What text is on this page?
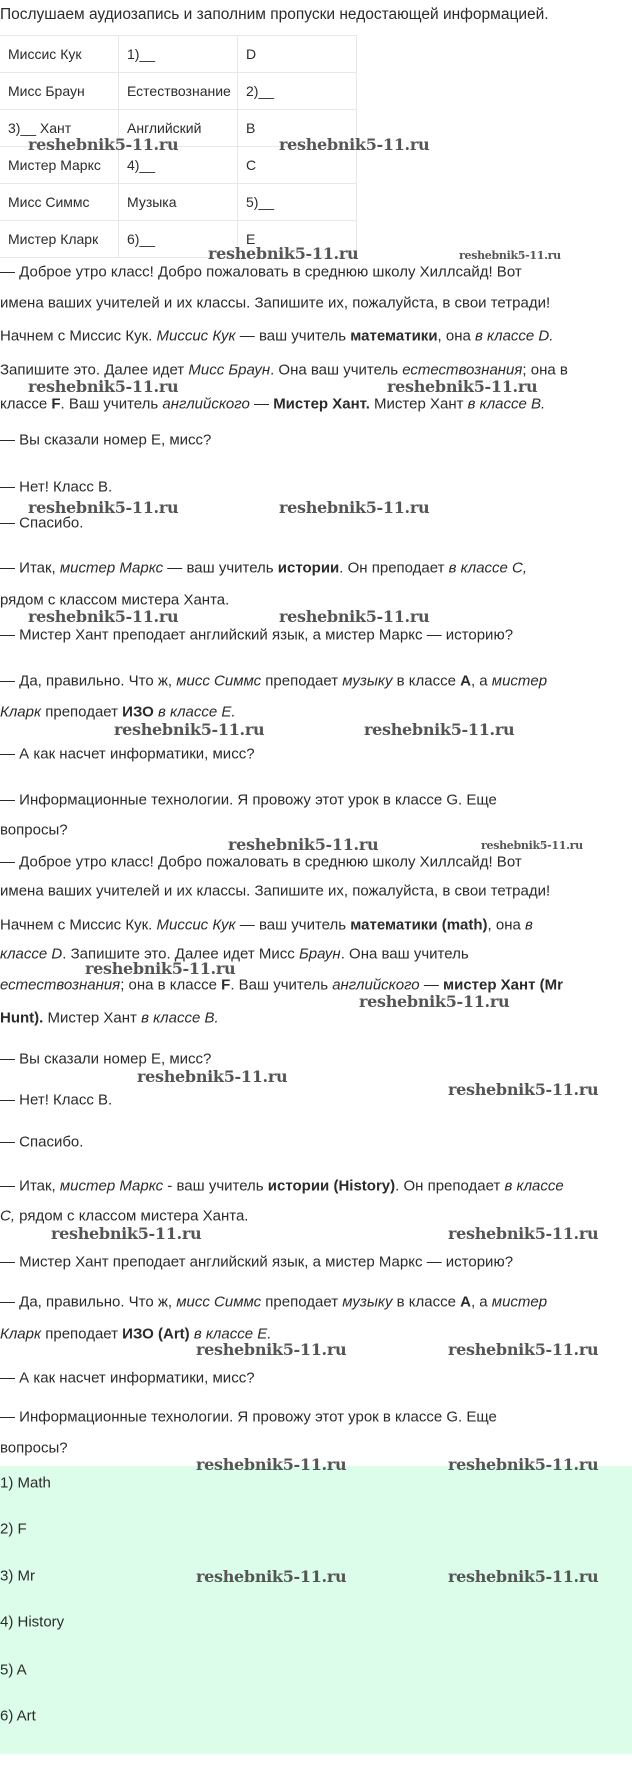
Послушаем аудиозапись и заполним пропуски недостающей информацией.
Миссис Кук	1)__	D
Мисс Браун	Естествознание	2)__
3)__ Хант	Английский	B
Мистер Маркс	4)__	C
Мисс Симмс	Музыка	5)__
Мистер Кларк	6)__	E
— Доброе утро класс! Добро пожаловать в среднюю школу Хиллсайд! Вот
имена ваших учителей и их классы. Запишите их, пожалуйста, в свои тетради!
Начнем с Миссис Кук. Миссис Кук — ваш учитель математики, она в классе D.
Запишите это. Далее идет Мисс Браун. Она ваш учитель естествознания; она в
классе F. Ваш учитель английского — Мистер Хант. Мистер Хант в классе B.
— Вы сказали номер E, мисс?
— Нет! Класс B.
— Спасибо.
— Итак, мистер Маркс — ваш учитель истории. Он преподает в классе C,
рядом с классом мистера Ханта.
— Мистер Хант преподает английский язык, а мистер Маркс — историю?
— Да, правильно. Что ж, мисс Симмс преподает музыку в классе A, а мистер
Кларк преподает ИЗО в классе E.
— А как насчет информатики, мисс?
— Информационные технологии. Я провожу этот урок в классе G. Еще
вопросы?
— Доброе утро класс! Добро пожаловать в среднюю школу Хиллсайд! Вот
имена ваших учителей и их классы. Запишите их, пожалуйста, в свои тетради!
Начнем с Миссис Кук. Миссис Кук — ваш учитель математики (math), она в
классе D. Запишите это. Далее идет Мисс Браун. Она ваш учитель
естествознания; она в классе F. Ваш учитель английского — мистер Хант (Mr
Hunt). Мистер Хант в классе B.
— Вы сказали номер E, мисс?
— Нет! Класс B.
— Спасибо.
— Итак, мистер Маркс - ваш учитель истории (History). Он преподает в классе
C, рядом с классом мистера Ханта.
— Мистер Хант преподает английский язык, а мистер Маркс — историю?
— Да, правильно. Что ж, мисс Симмс преподает музыку в классе A, а мистер
Кларк преподает ИЗО (Art) в классе E.
— А как насчет информатики, мисс?
— Информационные технологии. Я провожу этот урок в классе G. Еще
вопросы?
1) Math
2) F
3) Mr
4) History
5) A
6) Art
reshebnik5-11.ru	reshebnik5-11.ru
reshebnik5-11.ru	reshebnik5-11.ru
reshebnik5-11.ru	reshebnik5-11.ru
reshebnik5-11.ru	reshebnik5-11.ru
reshebnik5-11.ru	reshebnik5-11.ru
reshebnik5-11.ru	reshebnik5-11.ru
reshebnik5-11.ru	reshebnik5-11.ru
reshebnik5-11.ru
reshebnik5-11.ru
reshebnik5-11.ru
reshebnik5-11.ru
reshebnik5-11.ru	reshebnik5-11.ru
reshebnik5-11.ru	reshebnik5-11.ru
reshebnik5-11.ru	reshebnik5-11.ru
reshebnik5-11.ru	reshebnik5-11.ru
